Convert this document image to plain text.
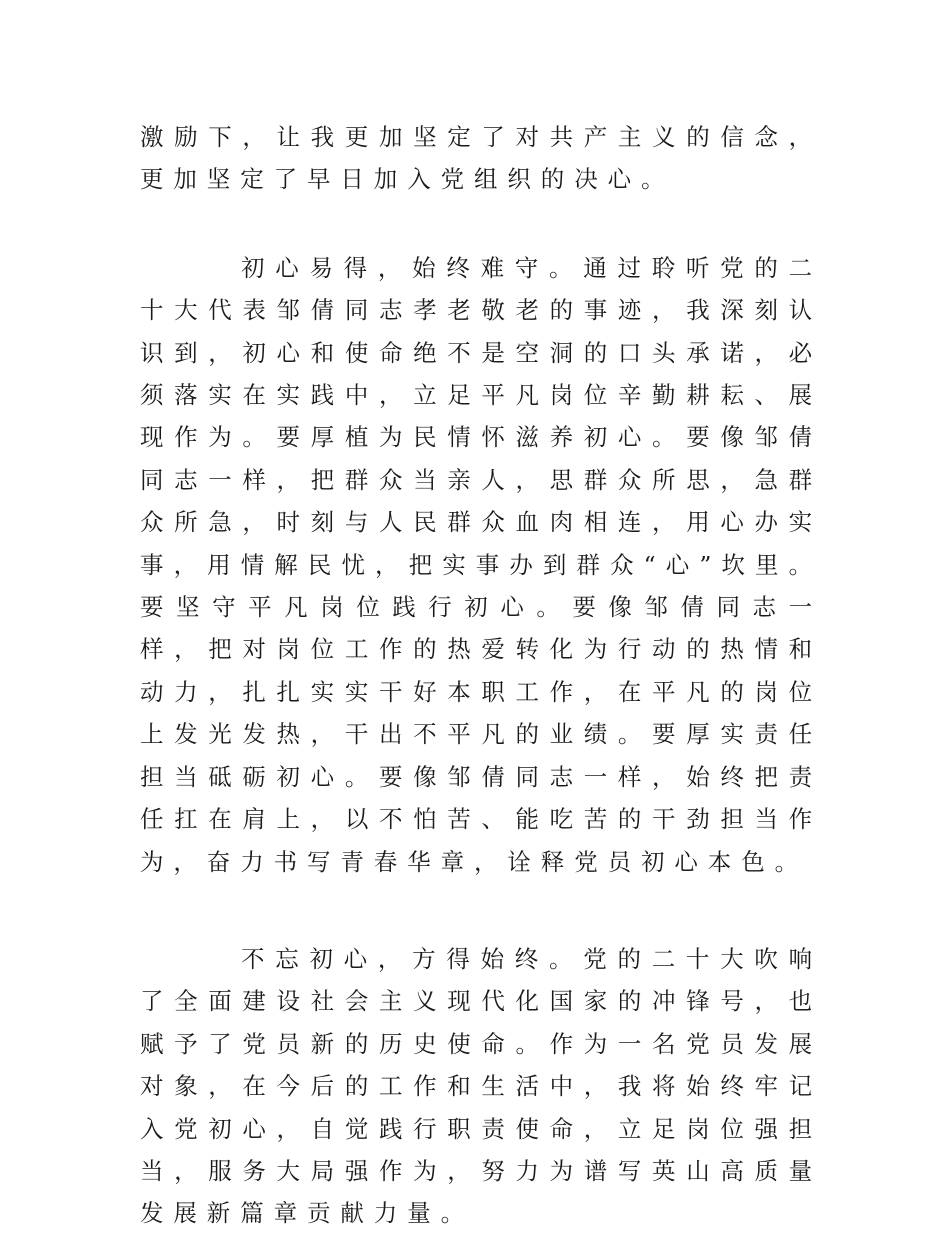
激励下，让我更加坚定了对共产主义的信念，更加坚定了早日加入党组织的决心。

初心易得，始终难守。通过聆听党的二十大代表邹倩同志孝老敬老的事迹，我深刻认识到，初心和使命绝不是空洞的口头承诺，必须落实在实践中，立足平凡岗位辛勤耕耘、展现作为。要厚植为民情怀滋养初心。要像邹倩同志一样，把群众当亲人，思群众所思，急群众所急，时刻与人民群众血肉相连，用心办实事，用情解民忧，把实事办到群众“心”坎里。要坚守平凡岗位践行初心。要像邹倩同志一样，把对岗位工作的热爱转化为行动的热情和动力，扎扎实实干好本职工作，在平凡的岗位上发光发热，干出不平凡的业绩。要厚实责任担当砥砺初心。要像邹倩同志一样，始终把责任扛在肩上，以不怕苦、能吃苦的干劲担当作为，奋力书写青春华章，诠释党员初心本色。

不忘初心，方得始终。党的二十大吹响了全面建设社会主义现代化国家的冲锋号，也赋予了党员新的历史使命。作为一名党员发展对象，在今后的工作和生活中，我将始终牢记入党初心，自觉践行职责使命，立足岗位强担当，服务大局强作为，努力为谱写英山高质量发展新篇章贡献力量。
